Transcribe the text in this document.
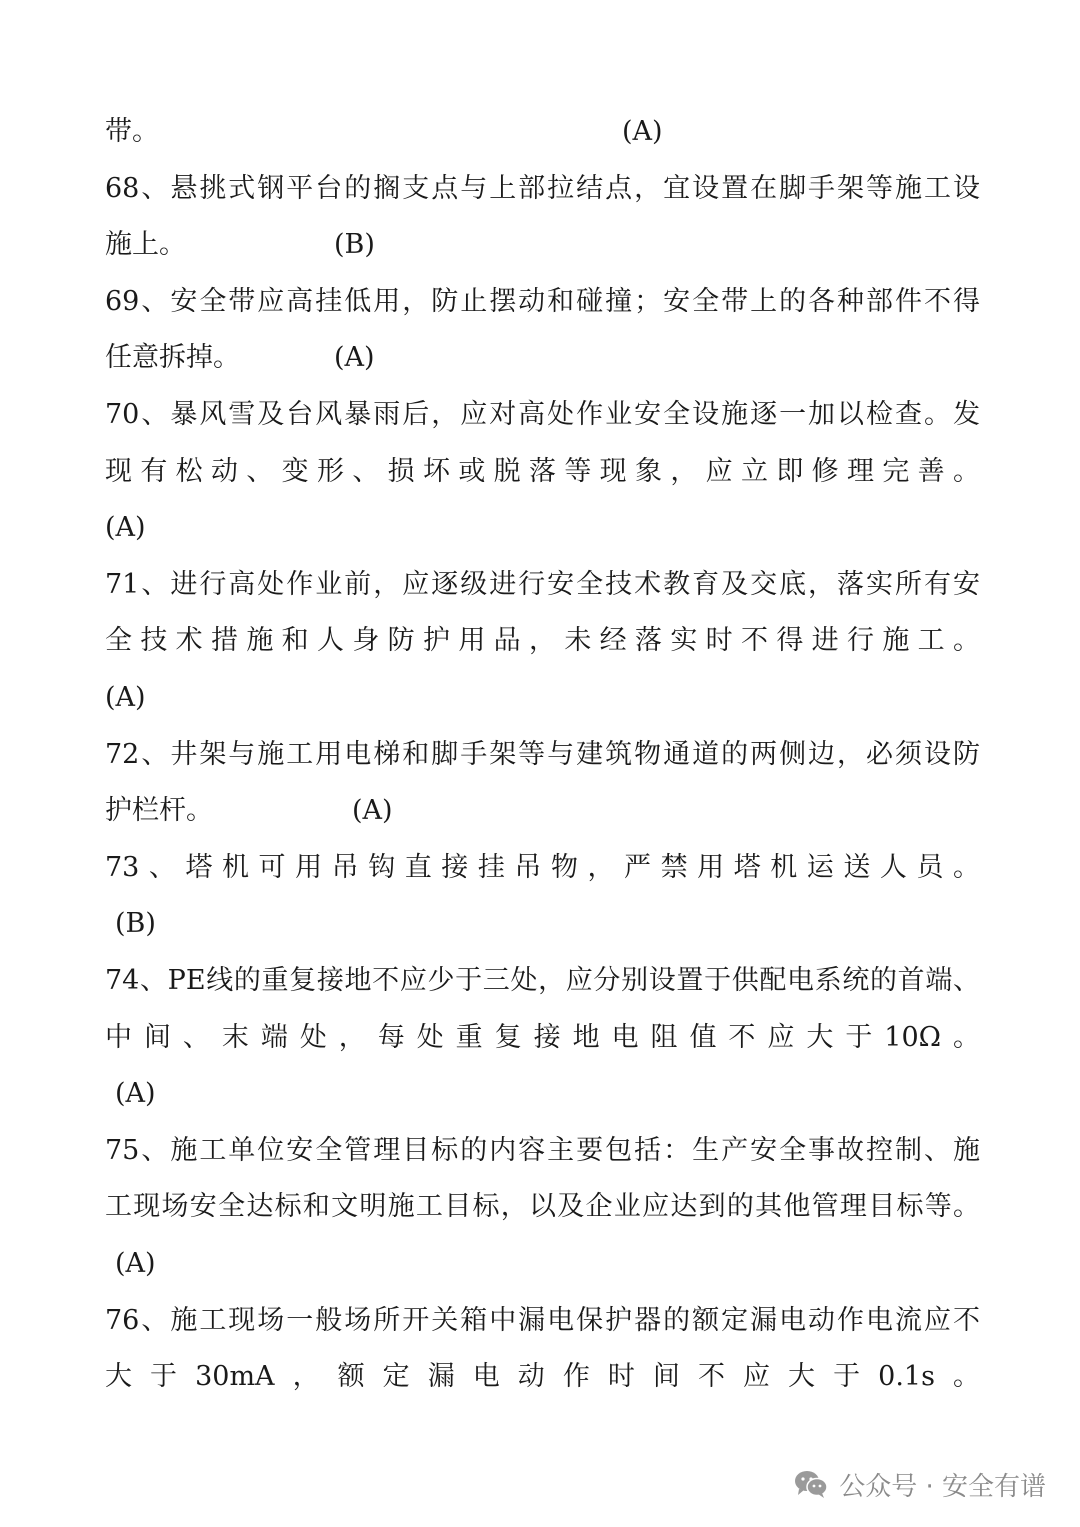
带。	(A)
68、悬挑式钢平台的搁支点与上部拉结点，宜设置在脚手架等施工设
施上。	(B)
69、安全带应高挂低用，防止摆动和碰撞；安全带上的各种部件不得
任意拆掉。	(A)
70、暴风雪及台风暴雨后，应对高处作业安全设施逐一加以检查。发
现有松动、变形、损坏或脱落等现象，应立即修理完善。
(A)
71、进行高处作业前，应逐级进行安全技术教育及交底，落实所有安
全技术措施和人身防护用品，未经落实时不得进行施工。
(A)
72、井架与施工用电梯和脚手架等与建筑物通道的两侧边，必须设防
护栏杆。	(A)
73、塔机可用吊钩直接挂吊物，严禁用塔机运送人员。
(B)
74、PE线的重复接地不应少于三处，应分别设置于供配电系统的首端、
中间、末端处，每处重复接地电阻值不应大于10Ω。
(A)
75、施工单位安全管理目标的内容主要包括：生产安全事故控制、施
工现场安全达标和文明施工目标，以及企业应达到的其他管理目标等。
(A)
76、施工现场一般场所开关箱中漏电保护器的额定漏电动作电流应不
大于30mA，额定漏电动作时间不应大于0.1s。
公众号 · 安全有谱
